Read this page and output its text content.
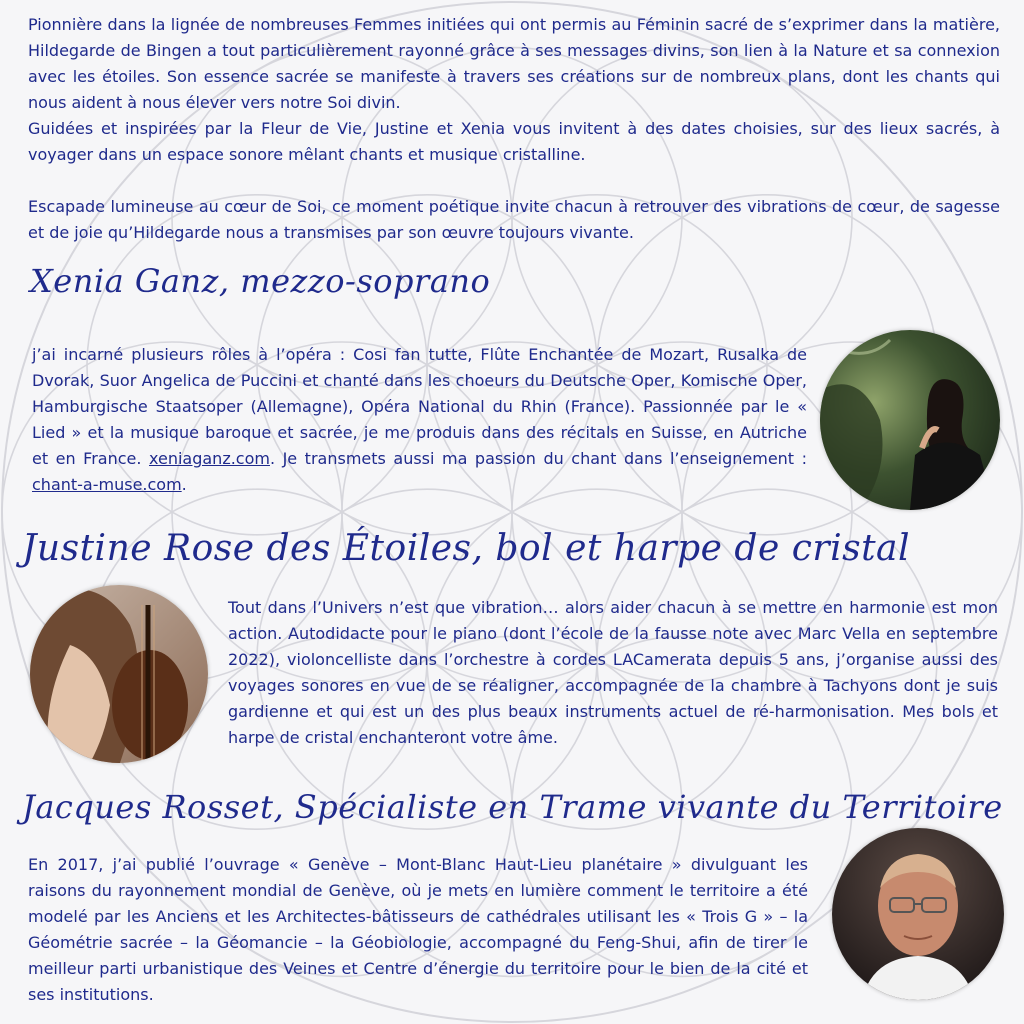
Pionnière dans la lignée de nombreuses Femmes initiées qui ont permis au Féminin sacré de s’exprimer dans la matière, Hildegarde de Bingen a tout particulièrement rayonné grâce à ses messages divins, son lien à la Nature et sa connexion avec les étoiles. Son essence sacrée se manifeste à travers ses créations sur de nombreux plans, dont les chants qui nous aident à nous élever vers notre Soi divin.

Guidées et inspirées par la Fleur de Vie, Justine et Xenia vous invitent à des dates choisies, sur des lieux sacrés, à voyager dans un espace sonore mêlant chants et musique cristalline.

Escapade lumineuse au cœur de Soi, ce moment poétique invite chacun à retrouver des vibrations de cœur, de sagesse et de joie qu’Hildegarde nous a transmises par son œuvre toujours vivante.

Xenia Ganz, mezzo-soprano

j’ai incarné plusieurs rôles à l’opéra : Cosi fan tutte, Flûte Enchantée de Mozart, Rusalka de Dvorak, Suor Angelica de Puccini et chanté dans les choeurs du Deutsche Oper, Komische Oper, Hamburgische Staatsoper (Allemagne), Opéra National du Rhin (France). Passionnée par le « Lied » et la musique baroque et sacrée, je me produis dans des récitals en Suisse, en Autriche et en France. xeniaganz.com. Je transmets aussi ma passion du chant dans l’enseignement : chant-a-muse.com.

Justine Rose des Étoiles, bol et harpe de cristal

Tout dans l’Univers n’est que vibration… alors aider chacun à se mettre en harmonie est mon action. Autodidacte pour le piano (dont l’école de la fausse note avec Marc Vella en septembre 2022), violoncelliste dans l’orchestre à cordes LACamerata depuis 5 ans, j’organise aussi des voyages sonores en vue de se réaligner, accompagnée de la chambre à Tachyons dont je suis gardienne et qui est un des plus beaux instruments actuel de ré-harmonisation. Mes bols et harpe de cristal enchanteront votre âme.

Jacques Rosset, Spécialiste en Trame vivante du Territoire

En 2017, j’ai publié l’ouvrage « Genève – Mont-Blanc Haut-Lieu planétaire » divulguant les raisons du rayonnement mondial de Genève, où je mets en lumière comment le territoire a été modelé par les Anciens et les Architectes-bâtisseurs de cathédrales utilisant les « Trois G » – la Géométrie sacrée – la Géomancie – la Géobiologie, accompagné du Feng-Shui, afin de tirer le meilleur parti urbanistique des Veines et Centre d’énergie du territoire pour le bien de la cité et ses institutions.
